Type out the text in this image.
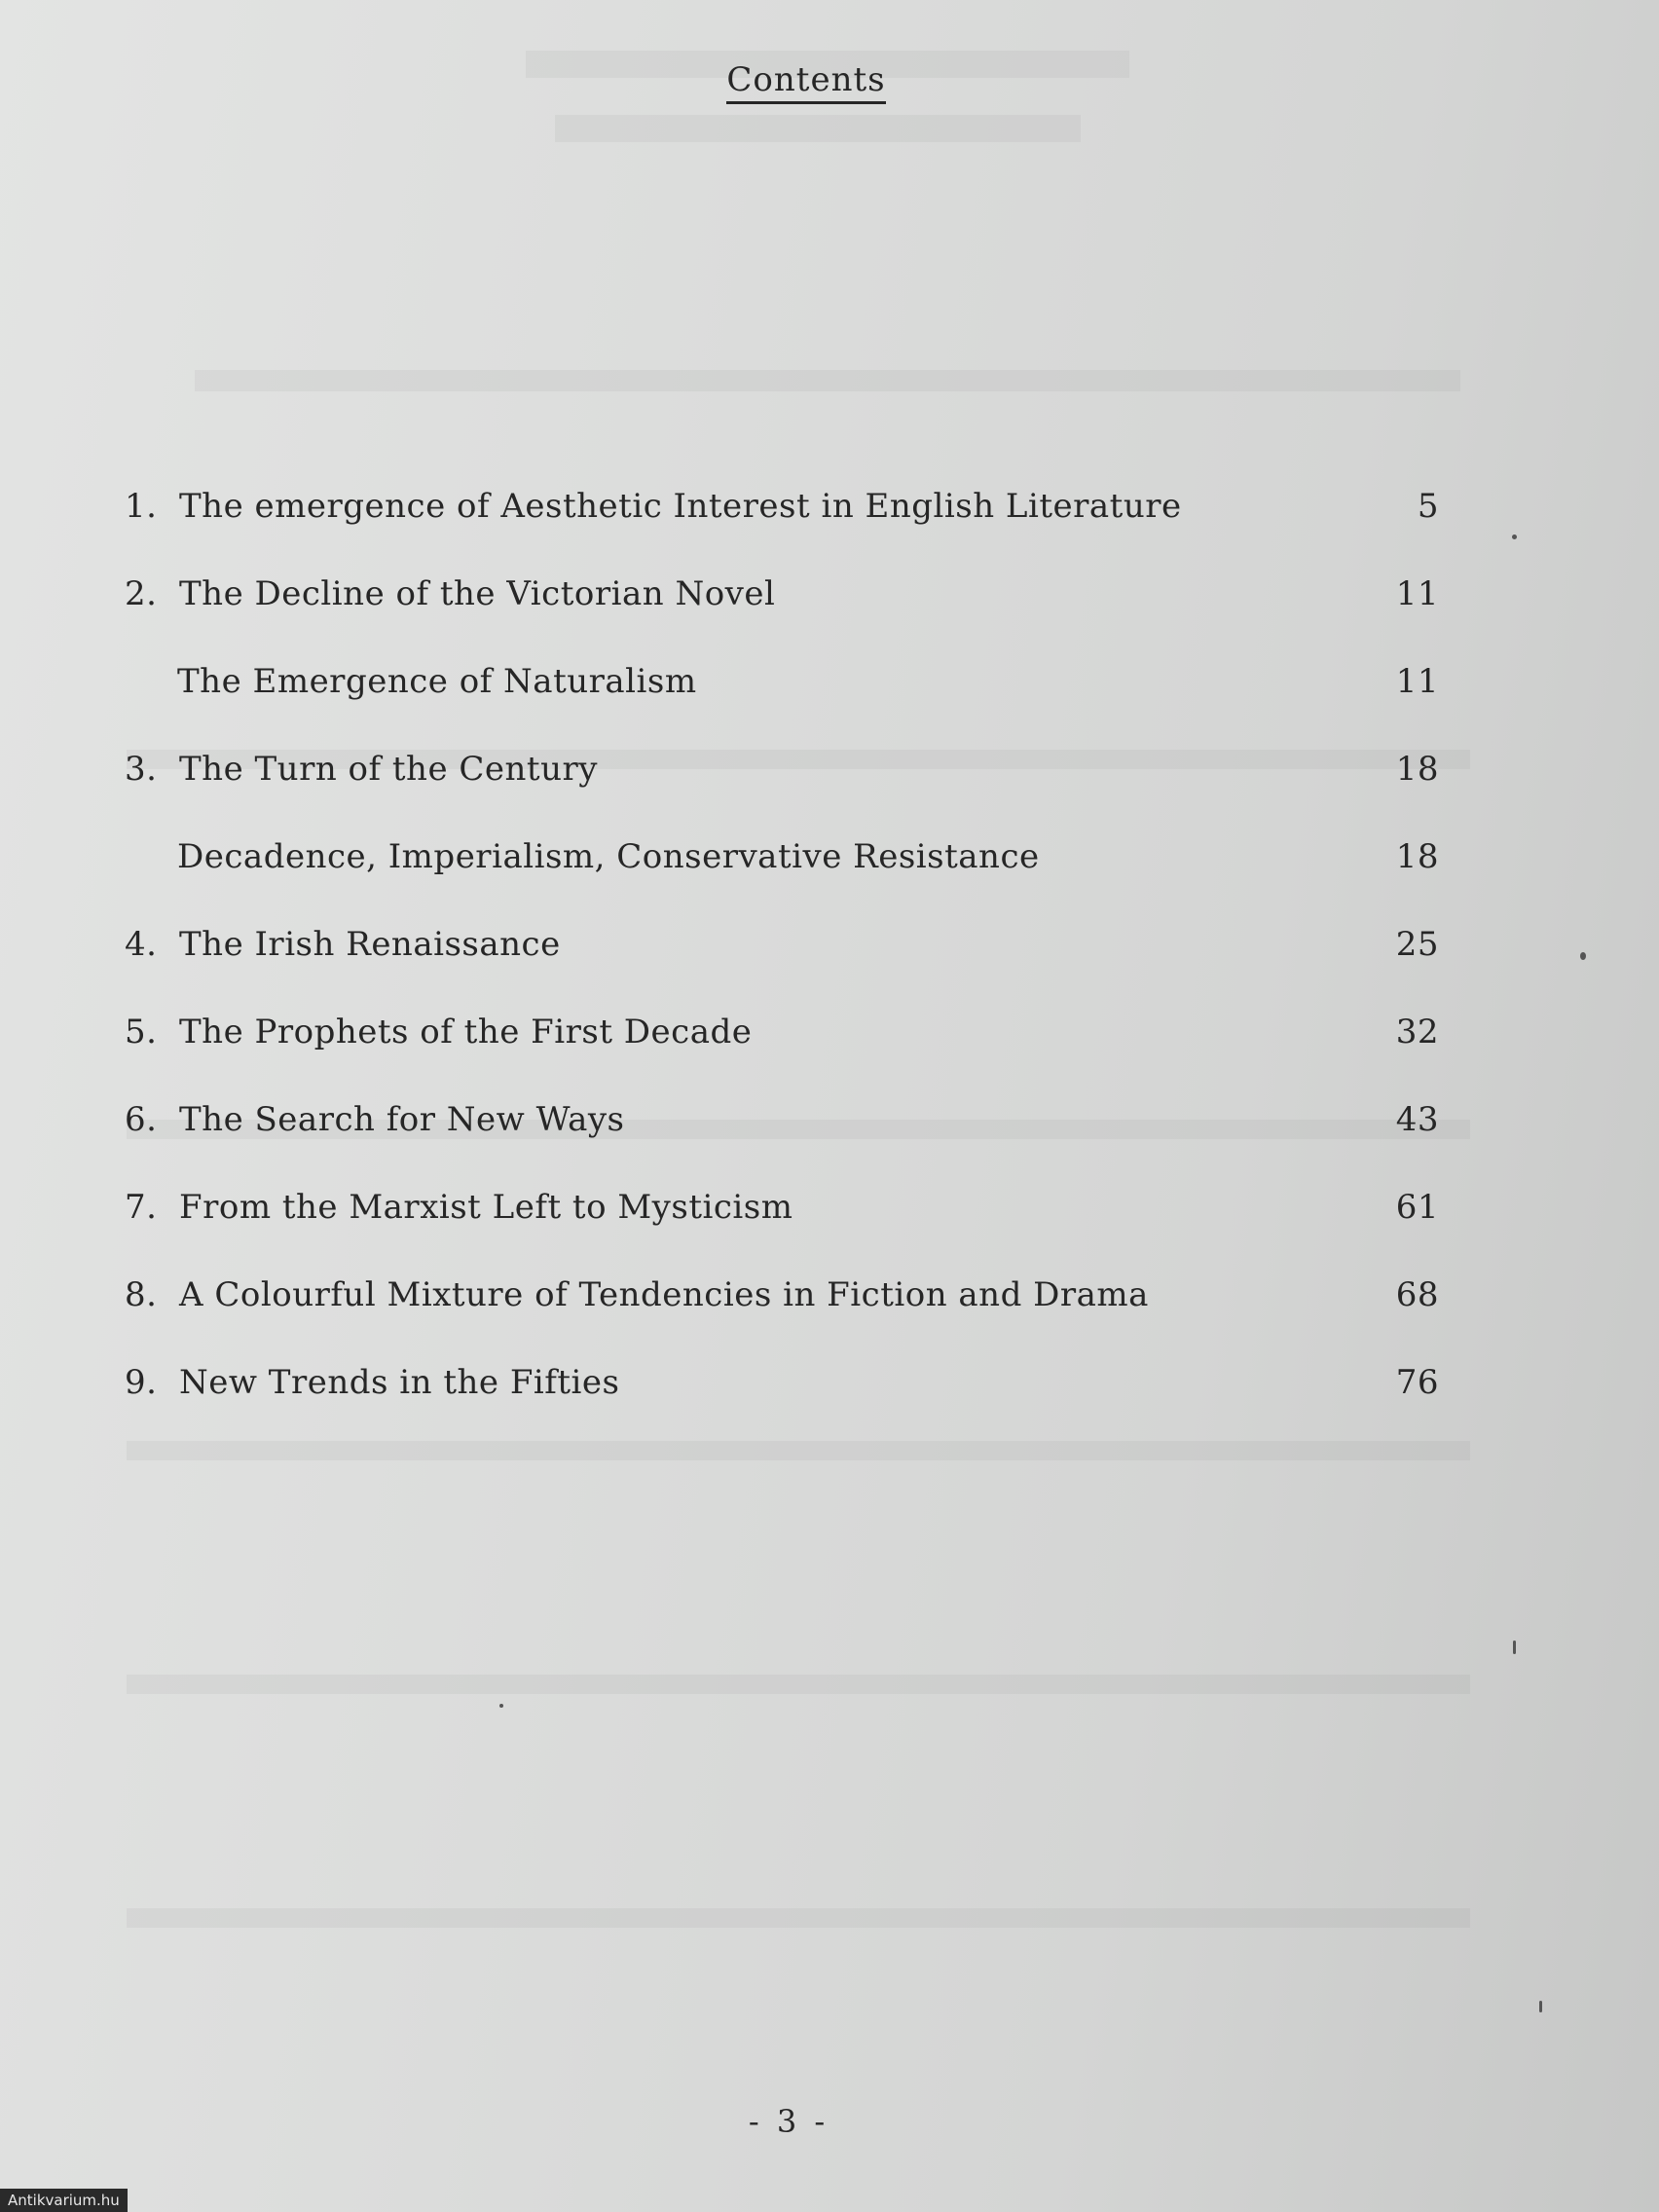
Contents
1. The emergence of Aesthetic Interest in English Literature	5
2. The Decline of the Victorian Novel	11
The Emergence of Naturalism	11
3. The Turn of the Century	18
Decadence, Imperialism, Conservative Resistance	18
4. The Irish Renaissance	25
5. The Prophets of the First Decade	32
6. The Search for New Ways	43
7. From the Marxist Left to Mysticism	61
8. A Colourful Mixture of Tendencies in Fiction and Drama	68
9. New Trends in the Fifties	76
- 3 -
Antikvarium.hu
